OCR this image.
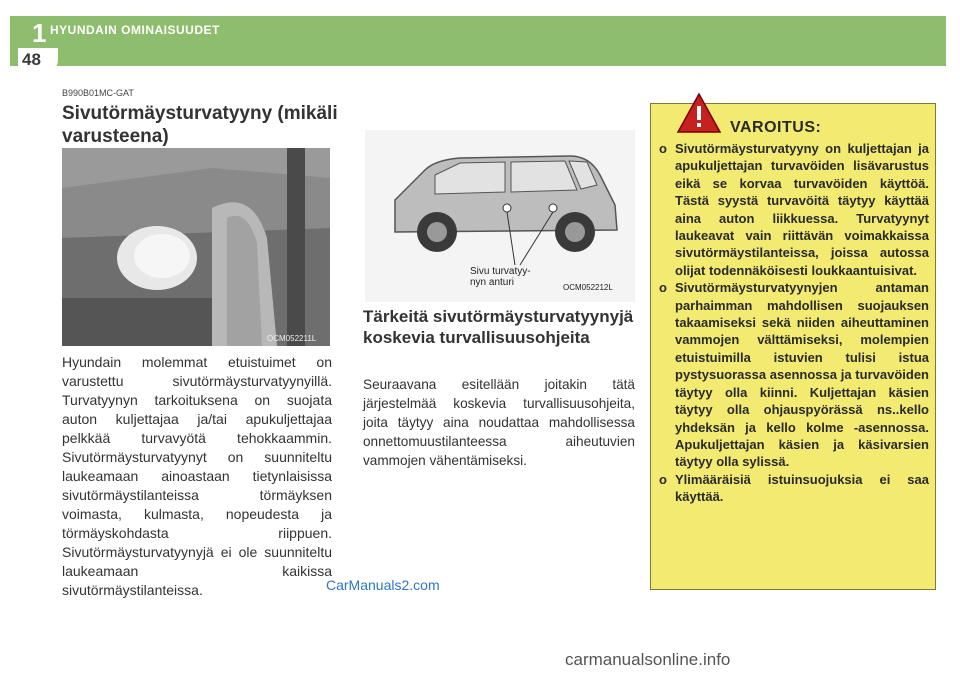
1 HYUNDAIN OMINAISUUDET
48
B990B01MC-GAT
Sivutörmäysturvatyyny (mikäli varusteena)
OCM052211L
Hyundain molemmat etuistuimet on varustettu sivutörmäysturvatyynyillä. Turvatyynyn tarkoituksena on suojata auton kuljettajaa ja/tai apukuljettajaa pelkkää turvavyötä tehokkaammin. Sivutörmäysturvatyynyt on suunniteltu laukeamaan ainoastaan tietynlaisissa sivutörmäystilanteissa törmäyksen voimasta, kulmasta, nopeudesta ja törmäyskohdasta riippuen. Sivutörmäysturvatyynyjä ei ole suunniteltu laukeamaan kaikissa sivutörmäystilanteissa.
Sivu turvatyy-
nyn anturi	OCM052212L
Tärkeitä sivutörmäysturvatyynyjä koskevia turvallisuusohjeita
Seuraavana esitellään joitakin tätä järjestelmää koskevia turvallisuusohjeita, joita täytyy aina noudattaa mahdollisessa onnettomuustilanteessa aiheutuvien vammojen vähentämiseksi.
VAROITUS:
o Sivutörmäysturvatyyny on kuljettajan ja apukuljettajan turvavöiden lisävarustus eikä se korvaa turvavöiden käyttöä. Tästä syystä turvavöitä täytyy käyttää aina auton liikkuessa. Turvatyynyt laukeavat vain riittävän voimakkaissa sivutörmäystilanteissa, joissa autossa olijat todennäköisesti loukkaantuisivat.
o Sivutörmäysturvatyynyjen antaman parhaimman mahdollisen suojauksen takaamiseksi sekä niiden aiheuttaminen vammojen välttämiseksi, molempien etuistuimilla istuvien tulisi istua pystysuorassa asennossa ja turvavöiden täytyy olla kiinni. Kuljettajan käsien täytyy olla ohjauspyörässä ns..kello yhdeksän ja kello kolme -asennossa. Apukuljettajan käsien ja käsivarsien täytyy olla sylissä.
o Ylimääräisiä istuinsuojuksia ei saa käyttää.
CarManuals2.com
carmanualsonline.info
